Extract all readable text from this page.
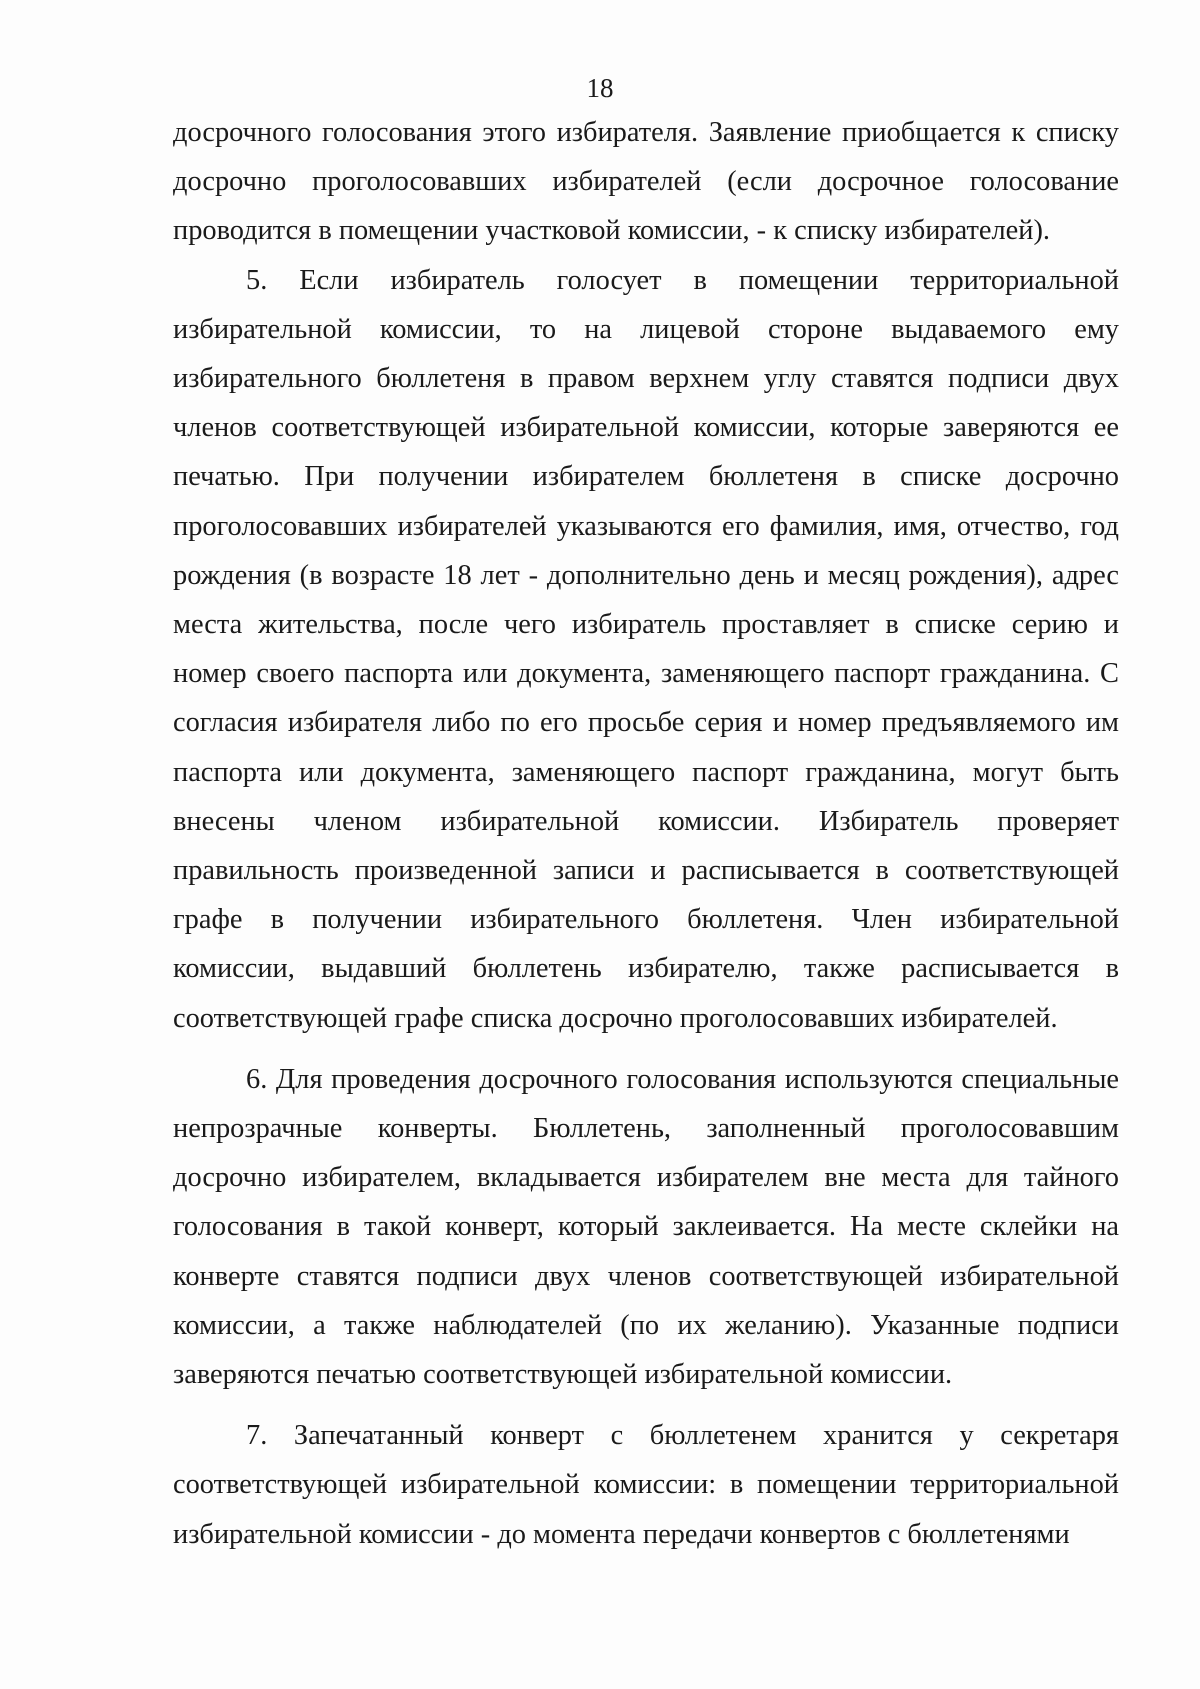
18

досрочного голосования этого избирателя. Заявление приобщается к списку досрочно проголосовавших избирателей (если досрочное голосование проводится в помещении участковой комиссии, - к списку избирателей).

5. Если избиратель голосует в помещении территориальной избирательной комиссии, то на лицевой стороне выдаваемого ему избирательного бюллетеня в правом верхнем углу ставятся подписи двух членов соответствующей избирательной комиссии, которые заверяются ее печатью. При получении избирателем бюллетеня в списке досрочно проголосовавших избирателей указываются его фамилия, имя, отчество, год рождения (в возрасте 18 лет - дополнительно день и месяц рождения), адрес места жительства, после чего избиратель проставляет в списке серию и номер своего паспорта или документа, заменяющего паспорт гражданина. С согласия избирателя либо по его просьбе серия и номер предъявляемого им паспорта или документа, заменяющего паспорт гражданина, могут быть внесены членом избирательной комиссии. Избиратель проверяет правильность произведенной записи и расписывается в соответствующей графе в получении избирательного бюллетеня. Член избирательной комиссии, выдавший бюллетень избирателю, также расписывается в соответствующей графе списка досрочно проголосовавших избирателей.

6. Для проведения досрочного голосования используются специальные непрозрачные конверты. Бюллетень, заполненный проголосовавшим досрочно избирателем, вкладывается избирателем вне места для тайного голосования в такой конверт, который заклеивается. На месте склейки на конверте ставятся подписи двух членов соответствующей избирательной комиссии, а также наблюдателей (по их желанию). Указанные подписи заверяются печатью соответствующей избирательной комиссии.

7. Запечатанный конверт с бюллетенем хранится у секретаря соответствующей избирательной комиссии: в помещении территориальной избирательной комиссии - до момента передачи конвертов с бюллетенями
